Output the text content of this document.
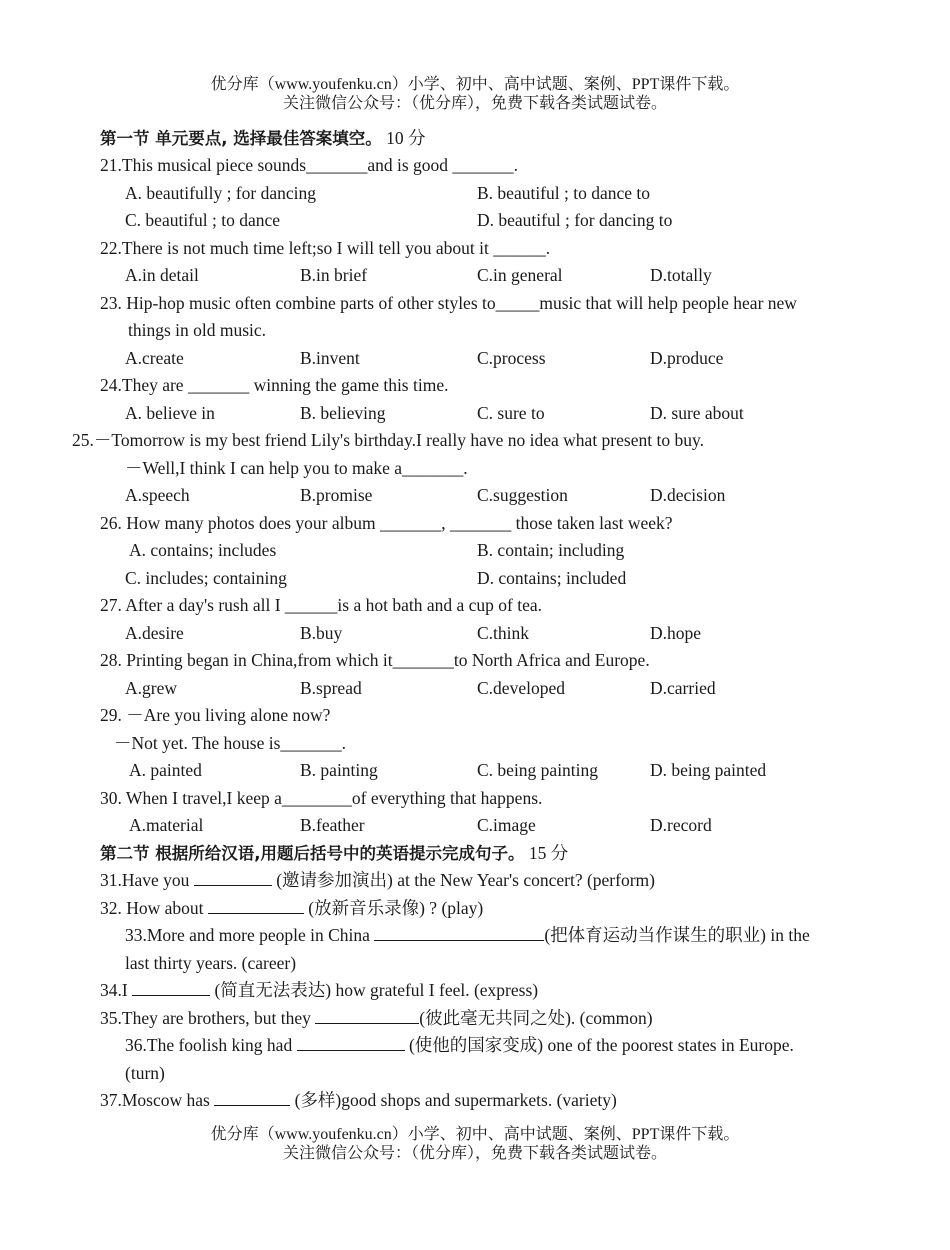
优分库（www.youfenku.cn）小学、初中、高中试题、案例、PPT课件下载。
关注微信公众号：（优分库），免费下载各类试题试卷。
第一节 单元要点, 选择最佳答案填空。 10 分
21.This musical piece sounds_______and is good _______.
A. beautifully ; for dancing	B. beautiful ; to dance to
C. beautiful ; to dance	D. beautiful ; for dancing to
22.There is not much time left;so I will tell you about it ______.
A.in detail	B.in brief	C.in general	D.totally
23. Hip-hop music often combine parts of other styles to_____music that will help people hear new
things in old music.
A.create	B.invent	C.process	D.produce
24.They are _______ winning the game this time.
A. believe in	B. believing	C. sure to	D. sure about
25.－Tomorrow is my best friend Lily's birthday.I really have no idea what present to buy.
－Well,I think I can help you to make a_______.
A.speech	B.promise	C.suggestion	D.decision
26. How many photos does your album _______, _______ those taken last week?
A. contains; includes	B. contain; including
C. includes; containing	D. contains; included
27. After a day's rush all I ______is a hot bath and a cup of tea.
A.desire	B.buy	C.think	D.hope
28. Printing began in China,from which it_______to North Africa and Europe.
A.grew	B.spread	C.developed	D.carried
29. －Are you living alone now?
－Not yet. The house is_______.
A. painted	B. painting	C. being painting	D. being painted
30. When I travel,I keep a________of everything that happens.
A.material	B.feather	C.image	D.record
第二节 根据所给汉语,用题后括号中的英语提示完成句子。 15 分
31.Have you	(邀请参加演出) at the New Year's concert? (perform)
32. How about	(放新音乐录像) ? (play)
33.More and more people in China	(把体育运动当作谋生的职业) in the
last thirty years. (career)
34.I	(简直无法表达) how grateful I feel. (express)
35.They are brothers, but they	(彼此毫无共同之处). (common)
36.The foolish king had	(使他的国家变成) one of the poorest states in Europe.
(turn)
37.Moscow has	(多样)good shops and supermarkets. (variety)
优分库（www.youfenku.cn）小学、初中、高中试题、案例、PPT课件下载。
关注微信公众号：（优分库），免费下载各类试题试卷。
